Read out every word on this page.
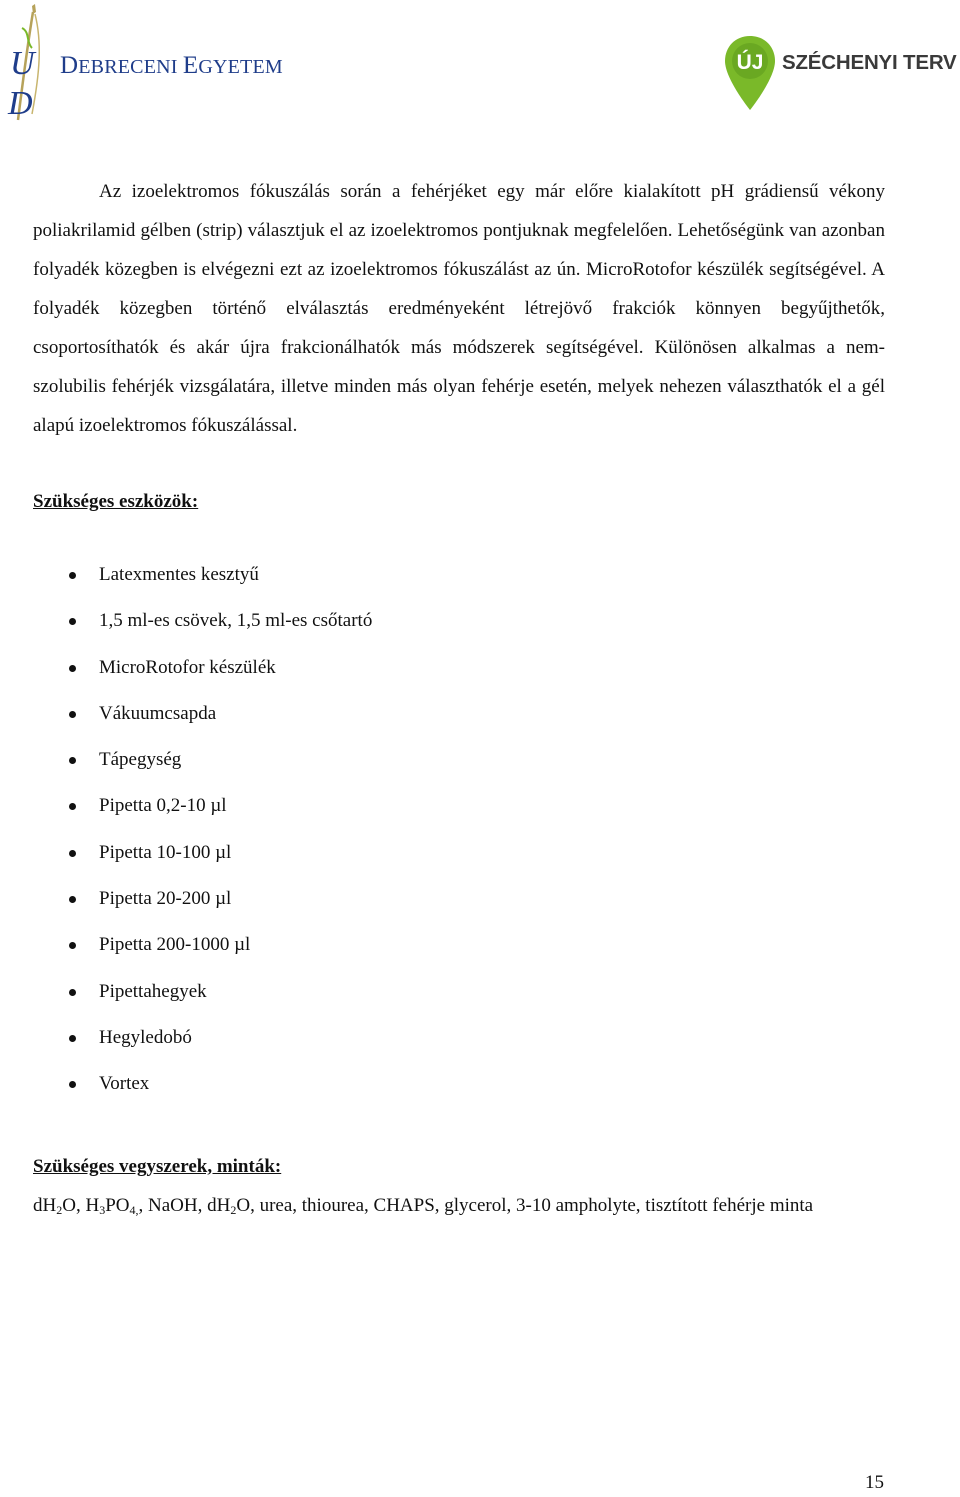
U
D
DEBRECENI EGYETEM	ÚJ SZÉCHENYI TERV

Az izoelektromos fókuszálás során a fehérjéket egy már előre kialakított pH grádiensű vékony poliakrilamid gélben (strip) választjuk el az izoelektromos pontjuknak megfelelően. Lehetőségünk van azonban folyadék közegben is elvégezni ezt az izoelektromos fókuszálást az ún. MicroRotofor készülék segítségével. A folyadék közegben történő elválasztás eredményeként létrejövő frakciók könnyen begyűjthetők, csoportosíthatók és akár újra frakcionálhatók más módszerek segítségével. Különösen alkalmas a nem-szolubilis fehérjék vizsgálatára, illetve minden más olyan fehérje esetén, melyek nehezen választhatók el a gél alapú izoelektromos fókuszálással.

Szükséges eszközök:

Latexmentes kesztyű
1,5 ml-es csövek, 1,5 ml-es csőtartó
MicroRotofor készülék
Vákuumcsapda
Tápegység
Pipetta 0,2-10 µl
Pipetta 10-100 µl
Pipetta 20-200 µl
Pipetta 200-1000 µl
Pipettahegyek
Hegyledobó
Vortex

Szükséges vegyszerek, minták:

$dH_2O$, $H_3PO_{4,}$, NaOH, $dH_2O$, urea, thiourea, CHAPS, glycerol, 3-10 ampholyte, tisztított fehérje minta

15
